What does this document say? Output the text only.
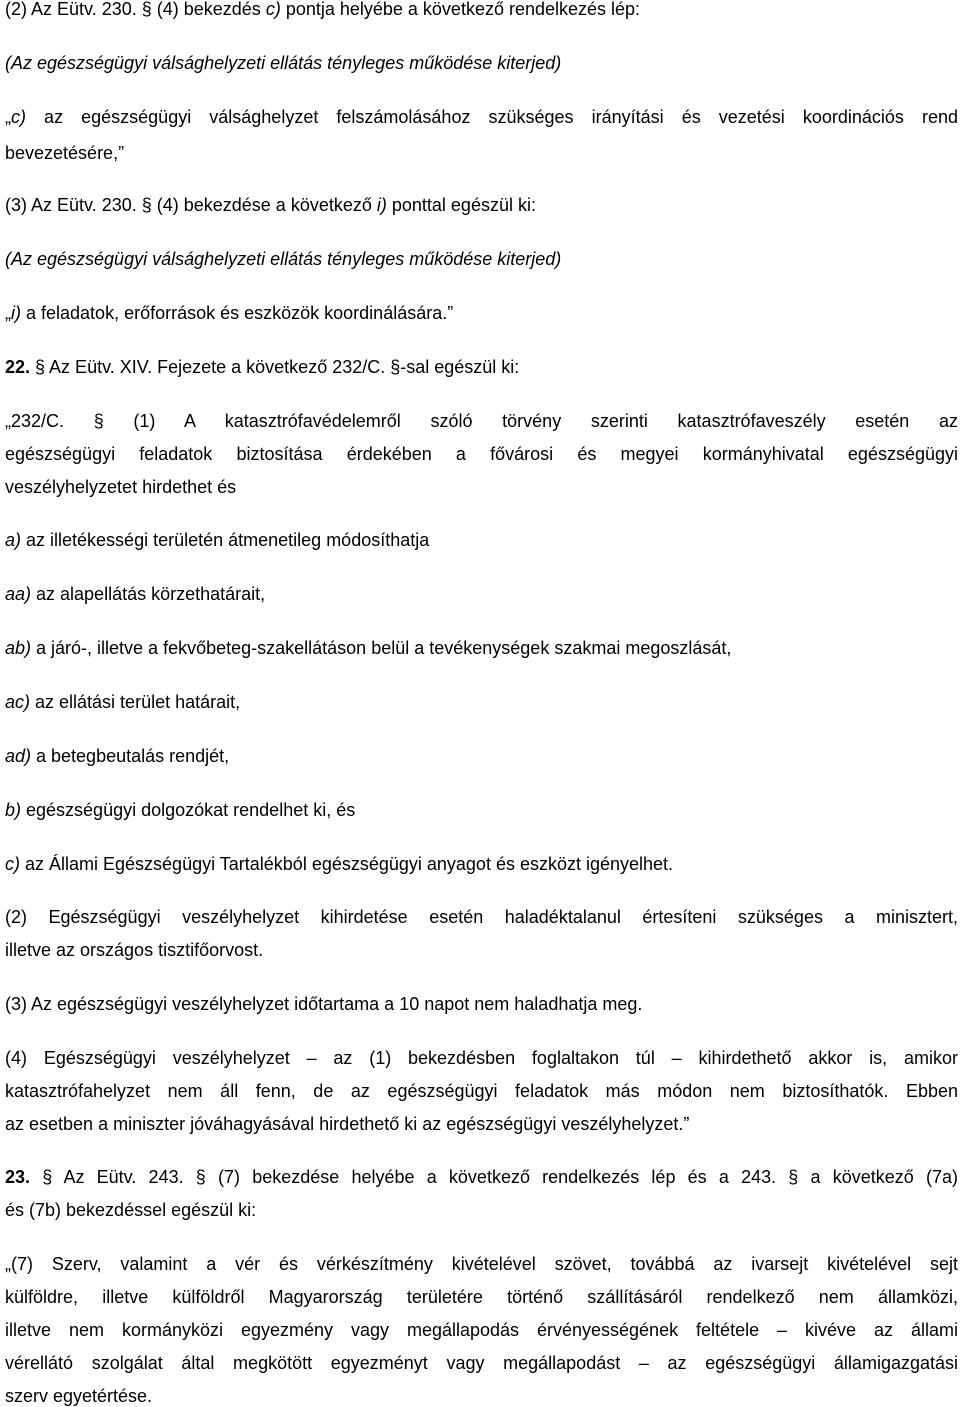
(2) Az Eütv. 230. § (4) bekezdés c) pontja helyébe a következő rendelkezés lép:
(Az egészségügyi válsághelyzeti ellátás tényleges működése kiterjed)
„c) az egészségügyi válsághelyzet felszámolásához szükséges irányítási és vezetési koordinációs rend
bevezetésére,”
(3) Az Eütv. 230. § (4) bekezdése a következő i) ponttal egészül ki:
(Az egészségügyi válsághelyzeti ellátás tényleges működése kiterjed)
„i) a feladatok, erőforrások és eszközök koordinálására.”
22. § Az Eütv. XIV. Fejezete a következő 232/C. §-sal egészül ki:
„232/C. § (1) A katasztrófavédelemről szóló törvény szerinti katasztrófaveszély esetén az
egészségügyi feladatok biztosítása érdekében a fővárosi és megyei kormányhivatal egészségügyi
veszélyhelyzetet hirdethet és
a) az illetékességi területén átmenetileg módosíthatja
aa) az alapellátás körzethatárait,
ab) a járó-, illetve a fekvőbeteg-szakellátáson belül a tevékenységek szakmai megoszlását,
ac) az ellátási terület határait,
ad) a betegbeutalás rendjét,
b) egészségügyi dolgozókat rendelhet ki, és
c) az Állami Egészségügyi Tartalékból egészségügyi anyagot és eszközt igényelhet.
(2) Egészségügyi veszélyhelyzet kihirdetése esetén haladéktalanul értesíteni szükséges a minisztert,
illetve az országos tisztifőorvost.
(3) Az egészségügyi veszélyhelyzet időtartama a 10 napot nem haladhatja meg.
(4) Egészségügyi veszélyhelyzet – az (1) bekezdésben foglaltakon túl – kihirdethető akkor is, amikor
katasztrófahelyzet nem áll fenn, de az egészségügyi feladatok más módon nem biztosíthatók. Ebben
az esetben a miniszter jóváhagyásával hirdethető ki az egészségügyi veszélyhelyzet.”
23. § Az Eütv. 243. § (7) bekezdése helyébe a következő rendelkezés lép és a 243. § a következő (7a)
és (7b) bekezdéssel egészül ki:
„(7) Szerv, valamint a vér és vérkészítmény kivételével szövet, továbbá az ivarsejt kivételével sejt
külföldre, illetve külföldről Magyarország területére történő szállításáról rendelkező nem államközi,
illetve nem kormányközi egyezmény vagy megállapodás érvényességének feltétele – kivéve az állami
vérellátó szolgálat által megkötött egyezményt vagy megállapodást – az egészségügyi államigazgatási
szerv egyetértése.
